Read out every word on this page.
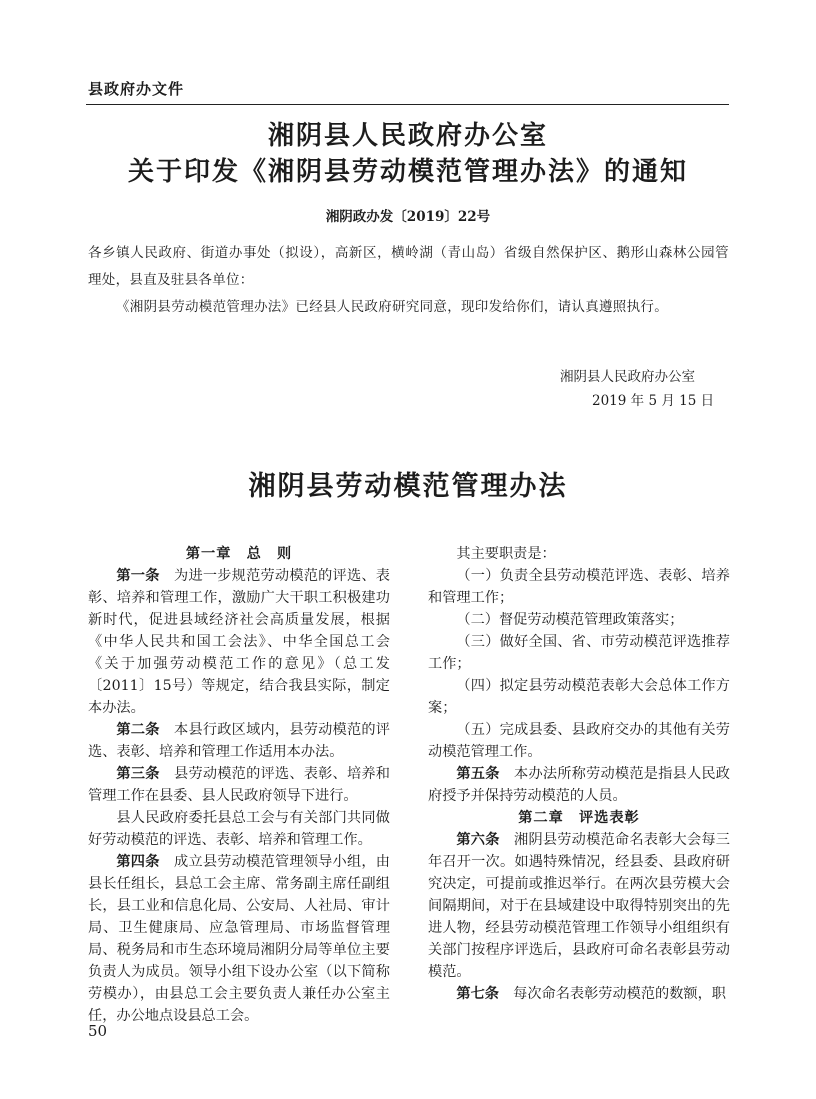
县政府办文件
湘阴县人民政府办公室
关于印发《湘阴县劳动模范管理办法》的通知
湘阴政办发〔2019〕22号
各乡镇人民政府、街道办事处（拟设），高新区，横岭湖（青山岛）省级自然保护区、鹅形山森林公园管理处，县直及驻县各单位：
《湘阴县劳动模范管理办法》已经县人民政府研究同意，现印发给你们，请认真遵照执行。
湘阴县人民政府办公室
2019 年 5 月 15 日
湘阴县劳动模范管理办法

第一章　总　则

第一条　 为进一步规范劳动模范的评选、表彰、培养和管理工作，激励广大干职工积极建功新时代，促进县域经济社会高质量发展，根据《中华人民共和国工会法》、中华全国总工会《关于加强劳动模范工作的意见》（总工发〔2011〕15号）等规定，结合我县实际，制定本办法。

第二条　 本县行政区域内，县劳动模范的评选、表彰、培养和管理工作适用本办法。

第三条　 县劳动模范的评选、表彰、培养和管理工作在县委、县人民政府领导下进行。

县人民政府委托县总工会与有关部门共同做好劳动模范的评选、表彰、培养和管理工作。

第四条　 成立县劳动模范管理领导小组，由县长任组长，县总工会主席、常务副主席任副组长，县工业和信息化局、公安局、人社局、审计局、卫生健康局、应急管理局、市场监督管理局、税务局和市生态环境局湘阴分局等单位主要负责人为成员。领导小组下设办公室（以下简称劳模办），由县总工会主要负责人兼任办公室主任，办公地点设县总工会。

其主要职责是：

（一）负责全县劳动模范评选、表彰、培养和管理工作；

（二）督促劳动模范管理政策落实；

（三）做好全国、省、市劳动模范评选推荐工作；

（四）拟定县劳动模范表彰大会总体工作方案；

（五）完成县委、县政府交办的其他有关劳动模范管理工作。

第五条　 本办法所称劳动模范是指县人民政府授予并保持劳动模范的人员。

第二章　评选表彰

第六条　 湘阴县劳动模范命名表彰大会每三年召开一次。如遇特殊情况，经县委、县政府研究决定，可提前或推迟举行。在两次县劳模大会间隔期间，对于在县域建设中取得特别突出的先进人物，经县劳动模范管理工作领导小组组织有关部门按程序评选后，县政府可命名表彰县劳动模范。

第七条　 每次命名表彰劳动模范的数额，职

50
